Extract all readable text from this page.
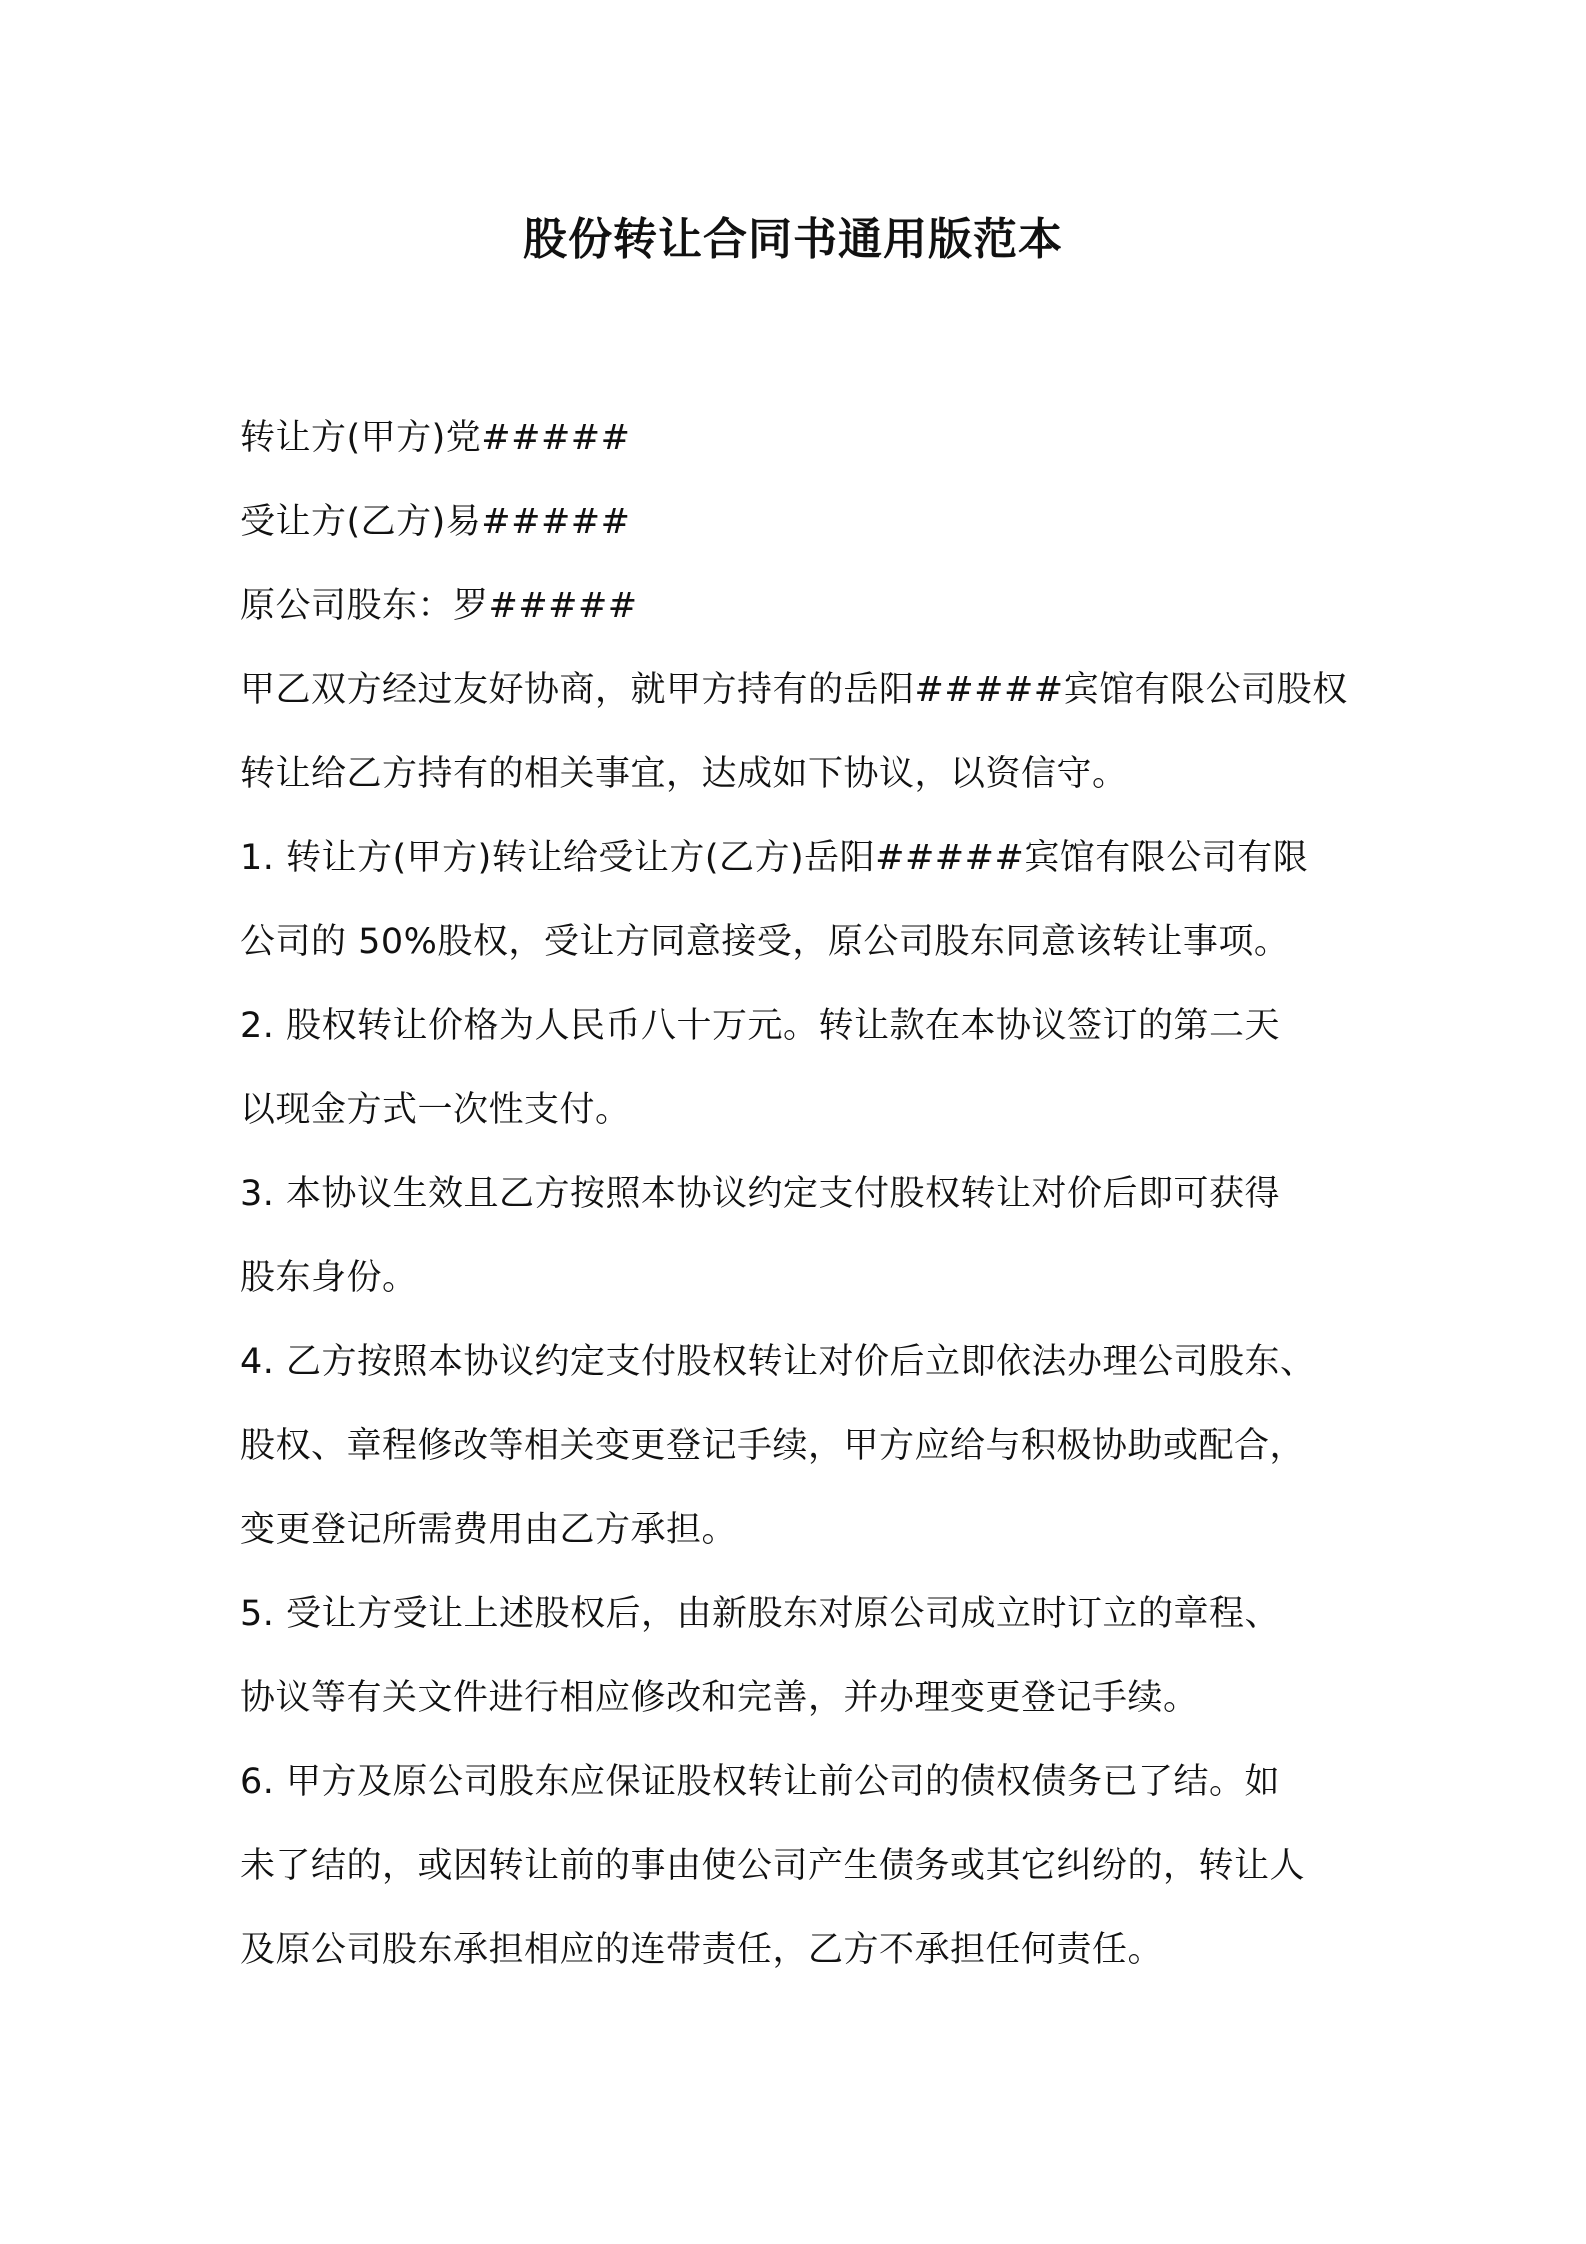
股份转让合同书通用版范本
转让方(甲方)党#####
受让方(乙方)易#####
原公司股东：罗#####
甲乙双方经过友好协商，就甲方持有的岳阳#####宾馆有限公司股权
转让给乙方持有的相关事宜，达成如下协议，以资信守。
1. 转让方(甲方)转让给受让方(乙方)岳阳#####宾馆有限公司有限
公司的 50%股权，受让方同意接受，原公司股东同意该转让事项。
2. 股权转让价格为人民币八十万元。转让款在本协议签订的第二天
以现金方式一次性支付。
3. 本协议生效且乙方按照本协议约定支付股权转让对价后即可获得
股东身份。
4. 乙方按照本协议约定支付股权转让对价后立即依法办理公司股东、
股权、章程修改等相关变更登记手续，甲方应给与积极协助或配合，
变更登记所需费用由乙方承担。
5. 受让方受让上述股权后，由新股东对原公司成立时订立的章程、
协议等有关文件进行相应修改和完善，并办理变更登记手续。
6. 甲方及原公司股东应保证股权转让前公司的债权债务已了结。如
未了结的，或因转让前的事由使公司产生债务或其它纠纷的，转让人
及原公司股东承担相应的连带责任，乙方不承担任何责任。
